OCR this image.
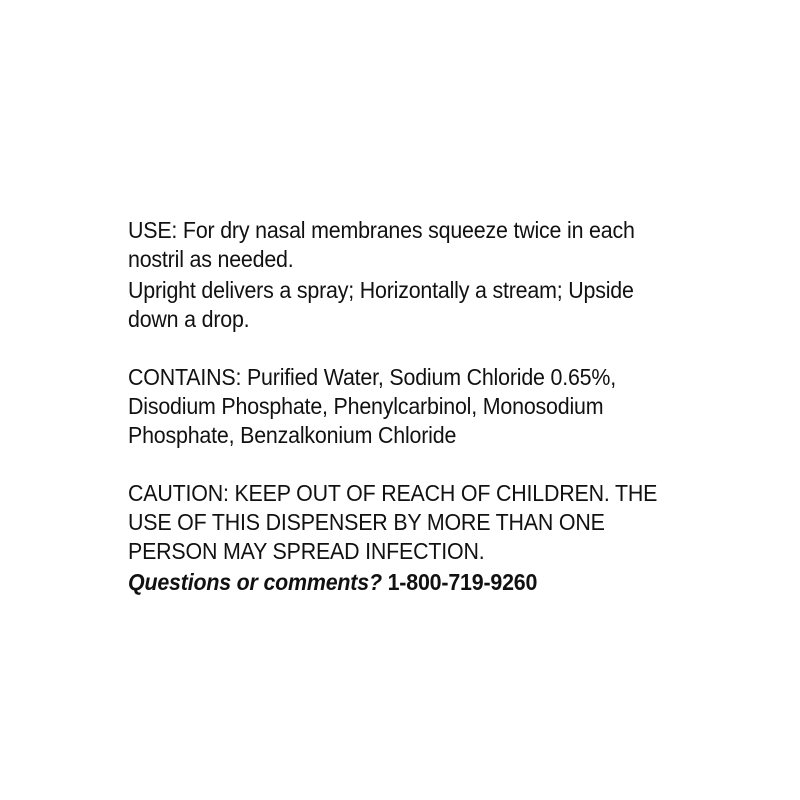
USE: For dry nasal membranes squeeze twice in each nostril as needed.

Upright delivers a spray; Horizontally a stream; Upside down a drop.

CONTAINS: Purified Water, Sodium Chloride 0.65%, Disodium Phosphate, Phenylcarbinol, Monosodium Phosphate, Benzalkonium Chloride

CAUTION: KEEP OUT OF REACH OF CHILDREN. THE USE OF THIS DISPENSER BY MORE THAN ONE PERSON MAY SPREAD INFECTION.

Questions or comments? 1-800-719-9260
